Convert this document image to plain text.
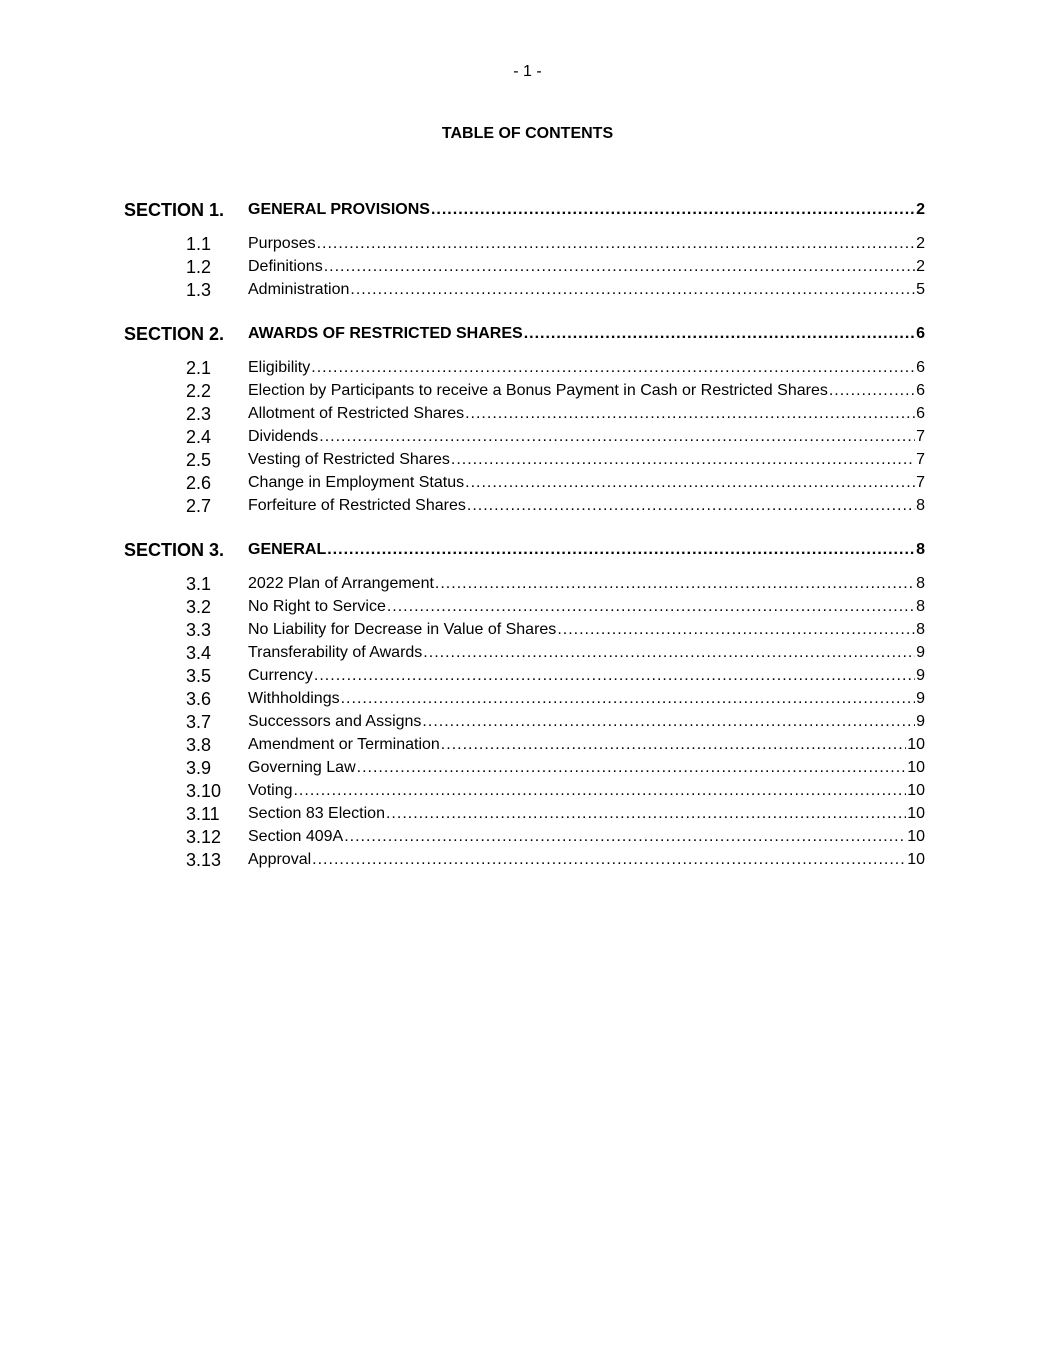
- 1 -
TABLE OF CONTENTS
SECTION 1. GENERAL PROVISIONS .....	2
1.1 Purposes .....	2
1.2 Definitions .....	2
1.3 Administration .....	5
SECTION 2. AWARDS OF RESTRICTED SHARES .....	6
2.1 Eligibility .....	6
2.2 Election by Participants to receive a Bonus Payment in Cash or Restricted Shares .....	6
2.3 Allotment of Restricted Shares .....	6
2.4 Dividends .....	7
2.5 Vesting of Restricted Shares .....	7
2.6 Change in Employment Status .....	7
2.7 Forfeiture of Restricted Shares .....	8
SECTION 3. GENERAL .....	8
3.1 2022 Plan of Arrangement .....	8
3.2 No Right to Service .....	8
3.3 No Liability for Decrease in Value of Shares .....	8
3.4 Transferability of Awards .....	9
3.5 Currency .....	9
3.6 Withholdings .....	9
3.7 Successors and Assigns .....	9
3.8 Amendment or Termination .....	10
3.9 Governing Law .....	10
3.10 Voting .....	10
3.11 Section 83 Election .....	10
3.12 Section 409A .....	10
3.13 Approval .....	10
